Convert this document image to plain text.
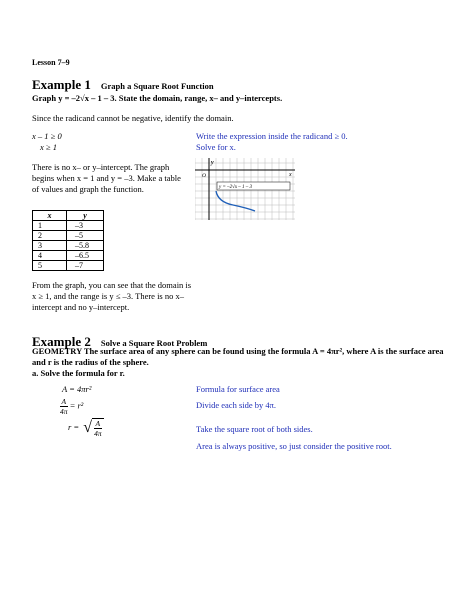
Lesson 7–9
Example 1 Graph a Square Root Function
Graph y = –2√x – 1 – 3. State the domain, range, x– and y–intercepts.
Since the radicand cannot be negative, identify the domain.
x – 1 ≥ 0	Write the expression inside the radicand ≥ 0.
x ≥ 1	Solve for x.
There is no x– or y–intercept. The graph begins when x = 1 and y = –3. Make a table of values and graph the function.
y
O	x
y = –2√x – 1 – 3
x	y
1	–3
2	–5
3	–5.8
4	–6.5
5	–7
From the graph, you can see that the domain is x ≥ 1, and the range is y ≤ –3. There is no x–intercept and no y–intercept.
Example 2 Solve a Square Root Problem
GEOMETRY The surface area of any sphere can be found using the formula A = 4πr², where A is the surface area and r is the radius of the sphere.
a. Solve the formula for r.
A = 4πr²	Formula for surface area
$\frac{A}{4\pi} = r^2$	Divide each side by 4π.
r = √ $\frac{A}{4\pi}$	Take the square root of both sides.
Area is always positive, so just consider the positive root.
